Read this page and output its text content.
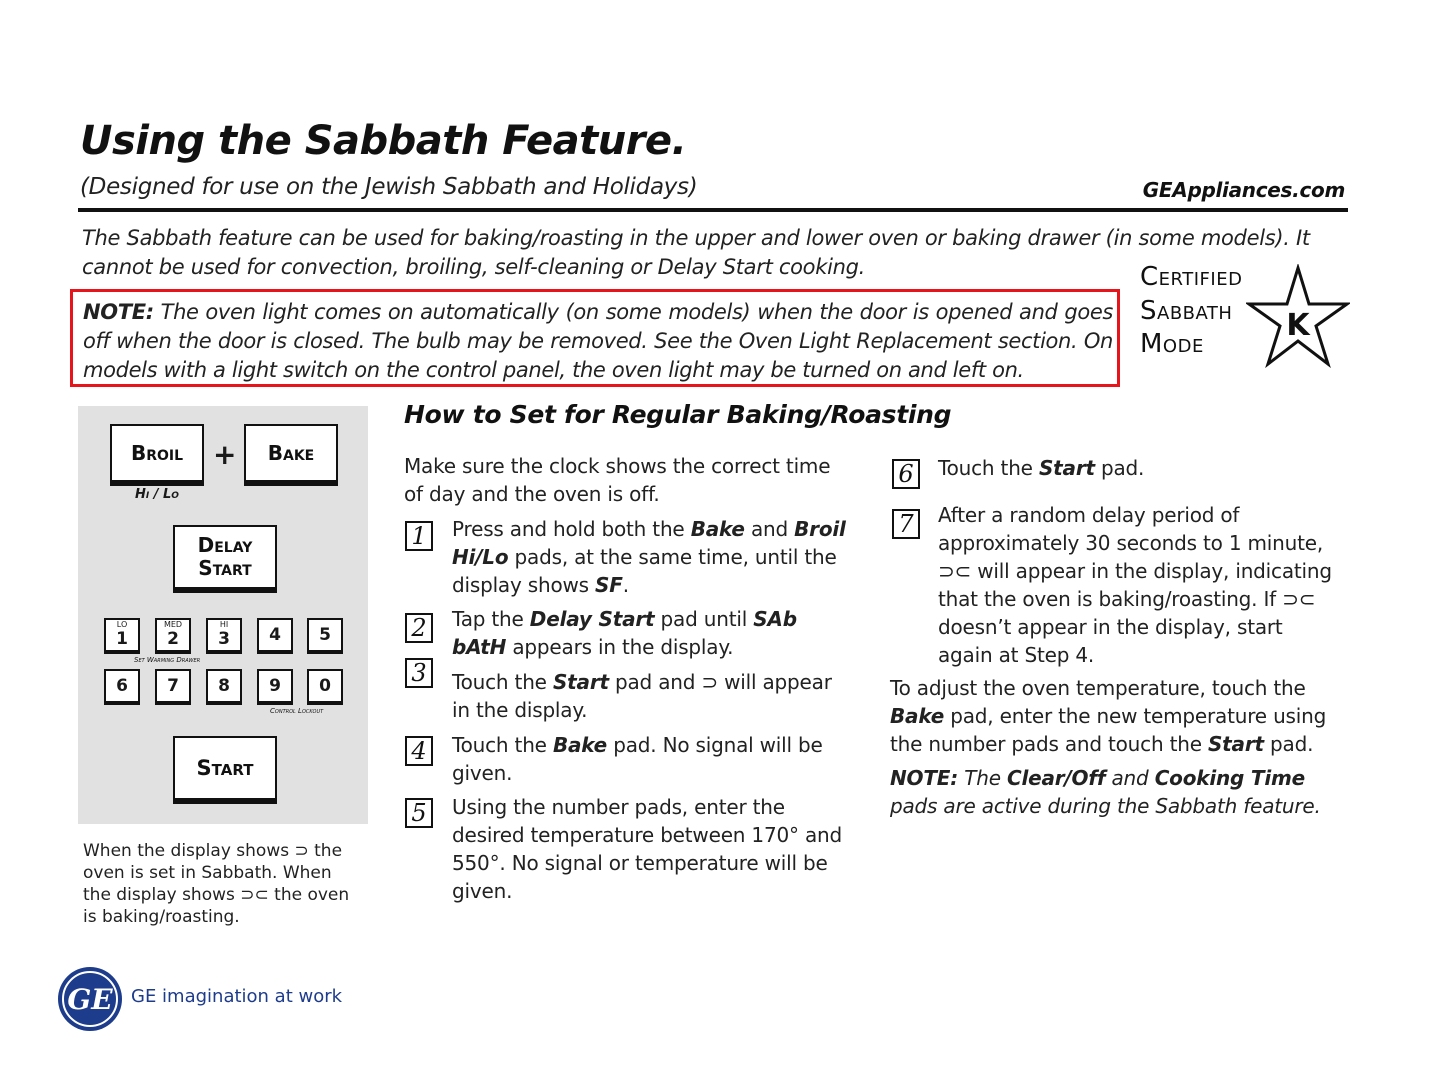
Using the Sabbath Feature.
(Designed for use on the Jewish Sabbath and Holidays)	GEAppliances.com
The Sabbath feature can be used for baking/roasting in the upper and lower oven or baking drawer (in some models). It cannot be used for convection, broiling, self-cleaning or Delay Start cooking.
NOTE: The oven light comes on automatically (on some models) when the door is opened and goes off when the door is closed. The bulb may be removed. See the Oven Light Replacement section. On models with a light switch on the control panel, the oven light may be turned on and left on.
Certified
Sabbath
Mode
K
Broil	+	Bake
Hi / Lo
Delay
Start
LO
1
MED
2
HI
3	4	5
Set Warming Drawer
6	7	8	9	0
Control Lockout
Start
When the display shows ⊃ the oven is set in Sabbath. When the display shows ⊃⊂ the oven is baking/roasting.
How to Set for Regular Baking/Roasting
Make sure the clock shows the correct time of day and the oven is off.
1	Press and hold both the Bake and Broil Hi/Lo pads, at the same time, until the display shows SF.
2	Tap the Delay Start pad until SAb bAtH appears in the display.
3	Touch the Start pad and ⊃ will appear in the display.
4	Touch the Bake pad. No signal will be given.
5	Using the number pads, enter the desired temperature between 170° and 550°. No signal or temperature will be given.
6	Touch the Start pad.
7	After a random delay period of approximately 30 seconds to 1 minute, ⊃⊂ will appear in the display, indicating that the oven is baking/roasting. If ⊃⊂ doesn’t appear in the display, start again at Step 4.
To adjust the oven temperature, touch the Bake pad, enter the new temperature using the number pads and touch the Start pad.
NOTE: The Clear/Off and Cooking Time pads are active during the Sabbath feature.
GE GE imagination at work
